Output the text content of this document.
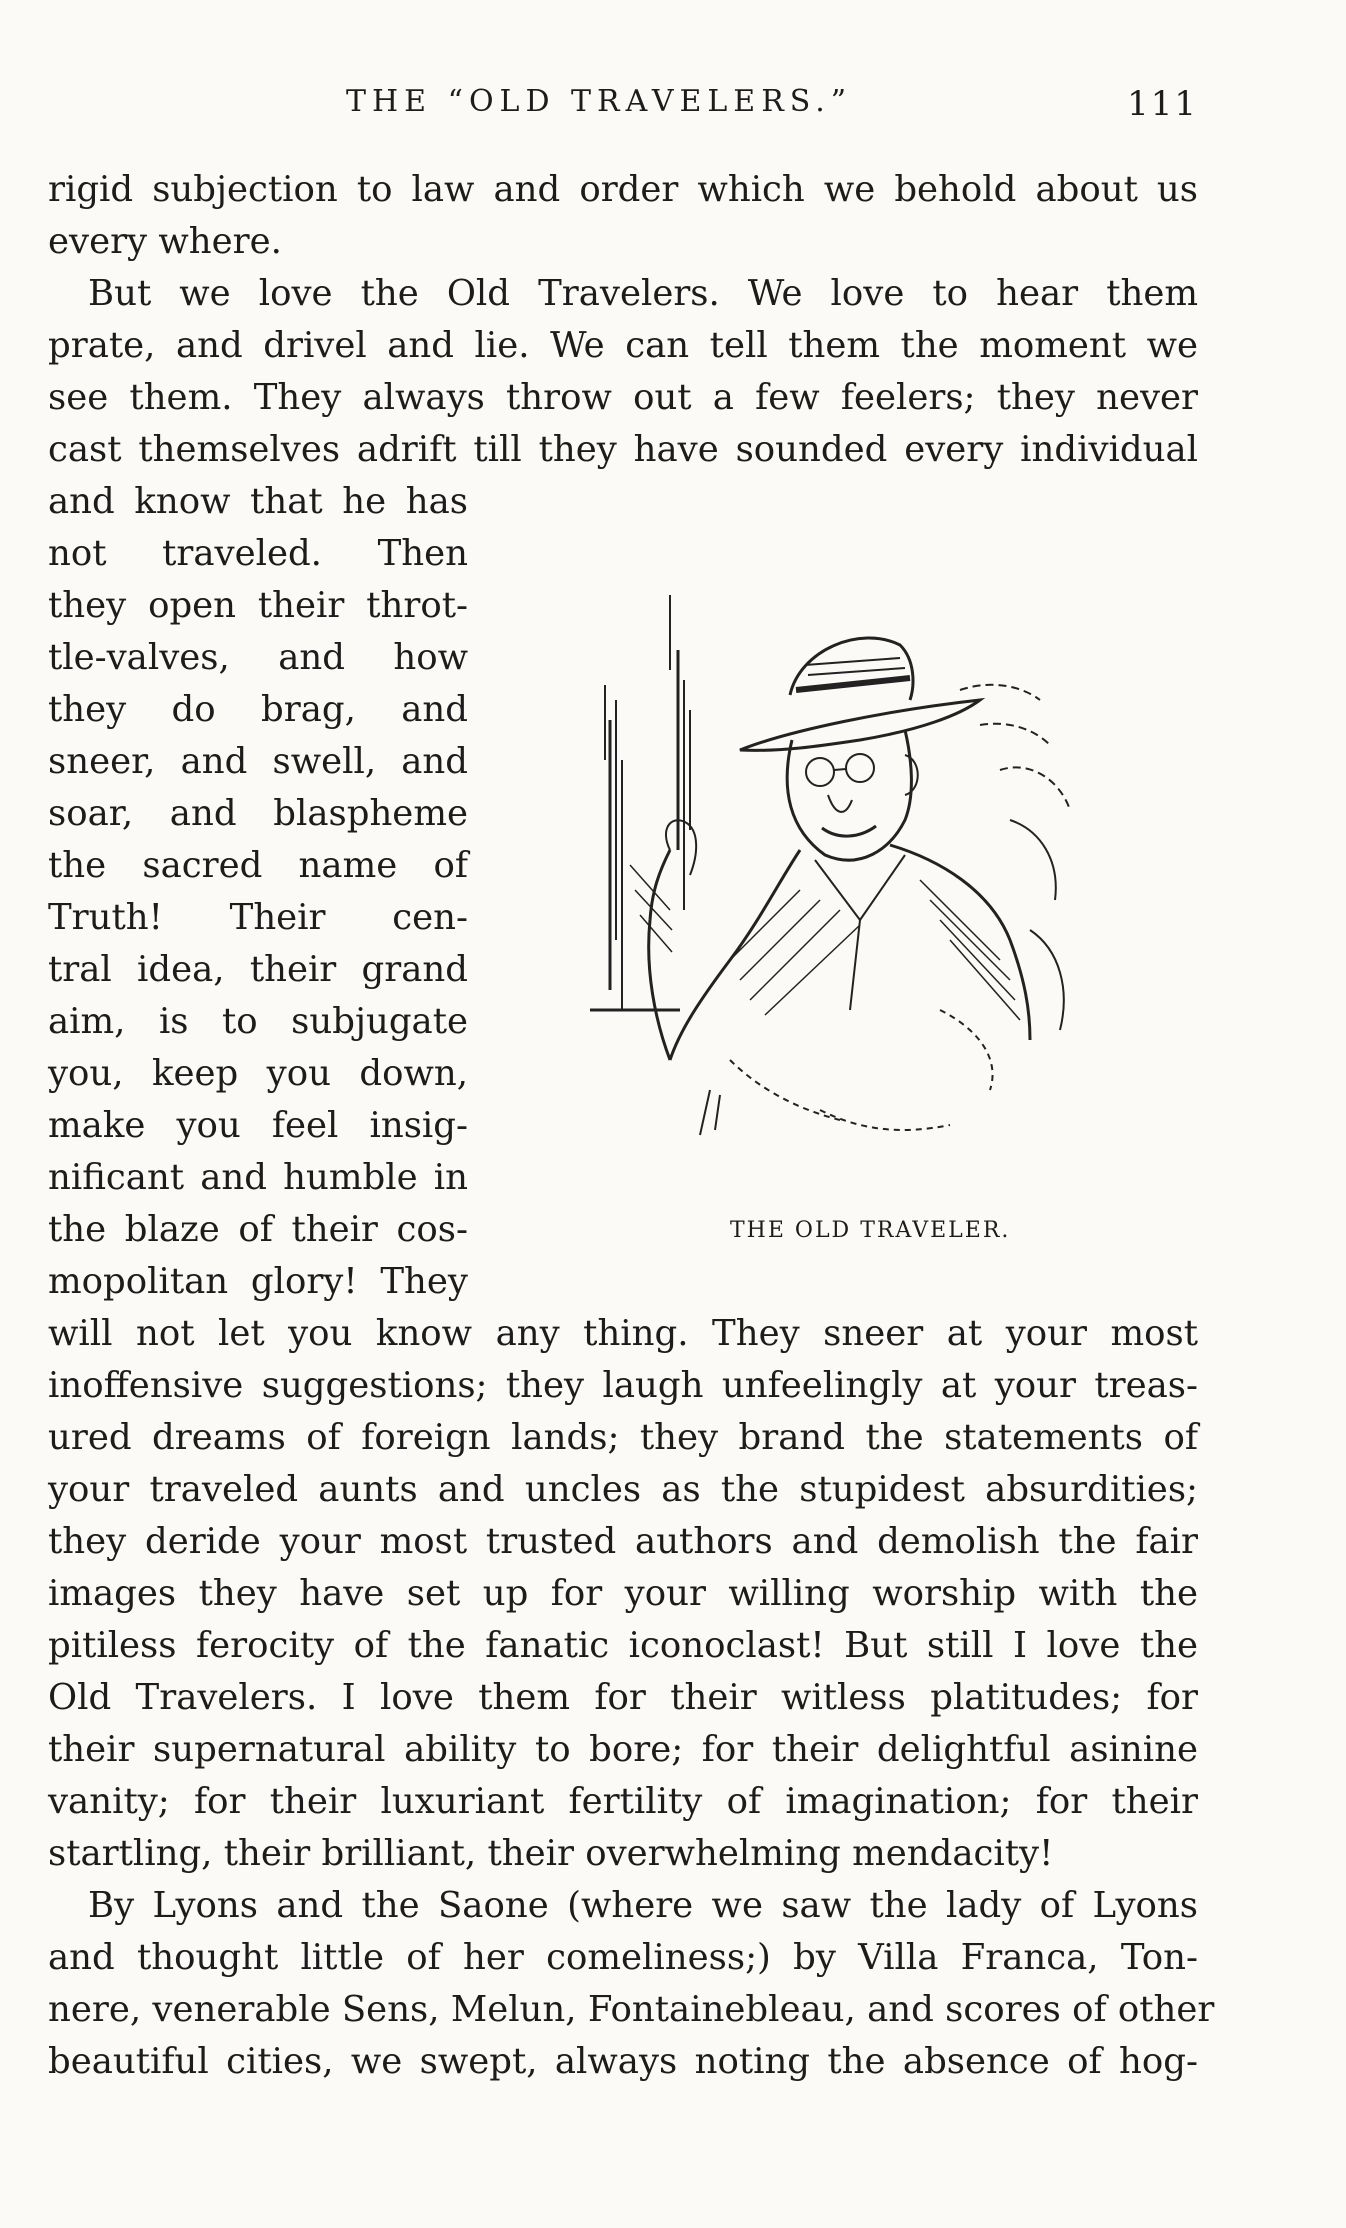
THE “OLD TRAVELERS.”	111
rigid subjection to law and order which we behold about us
every where.
But we love the Old Travelers. We love to hear them
prate, and drivel and lie. We can tell them the moment we
see them. They always throw out a few feelers; they never
cast themselves adrift till they have sounded every individual
and know that he has
not traveled. Then
they open their throt-
tle-valves, and how
they do brag, and
sneer, and swell, and
soar, and blaspheme
the sacred name of
Truth! Their cen-
tral idea, their grand
aim, is to subjugate
you, keep you down,
make you feel insig-
nificant and humble in
the blaze of their cos-
mopolitan glory! They
will not let you know any thing. They sneer at your most
inoffensive suggestions; they laugh unfeelingly at your treas-
ured dreams of foreign lands; they brand the statements of
your traveled aunts and uncles as the stupidest absurdities;
they deride your most trusted authors and demolish the fair
images they have set up for your willing worship with the
pitiless ferocity of the fanatic iconoclast! But still I love the
Old Travelers. I love them for their witless platitudes; for
their supernatural ability to bore; for their delightful asinine
vanity; for their luxuriant fertility of imagination; for their
startling, their brilliant, their overwhelming mendacity!
By Lyons and the Saone (where we saw the lady of Lyons
and thought little of her comeliness;) by Villa Franca, Ton-
nere, venerable Sens, Melun, Fontainebleau, and scores of other
beautiful cities, we swept, always noting the absence of hog-
THE OLD TRAVELER.
